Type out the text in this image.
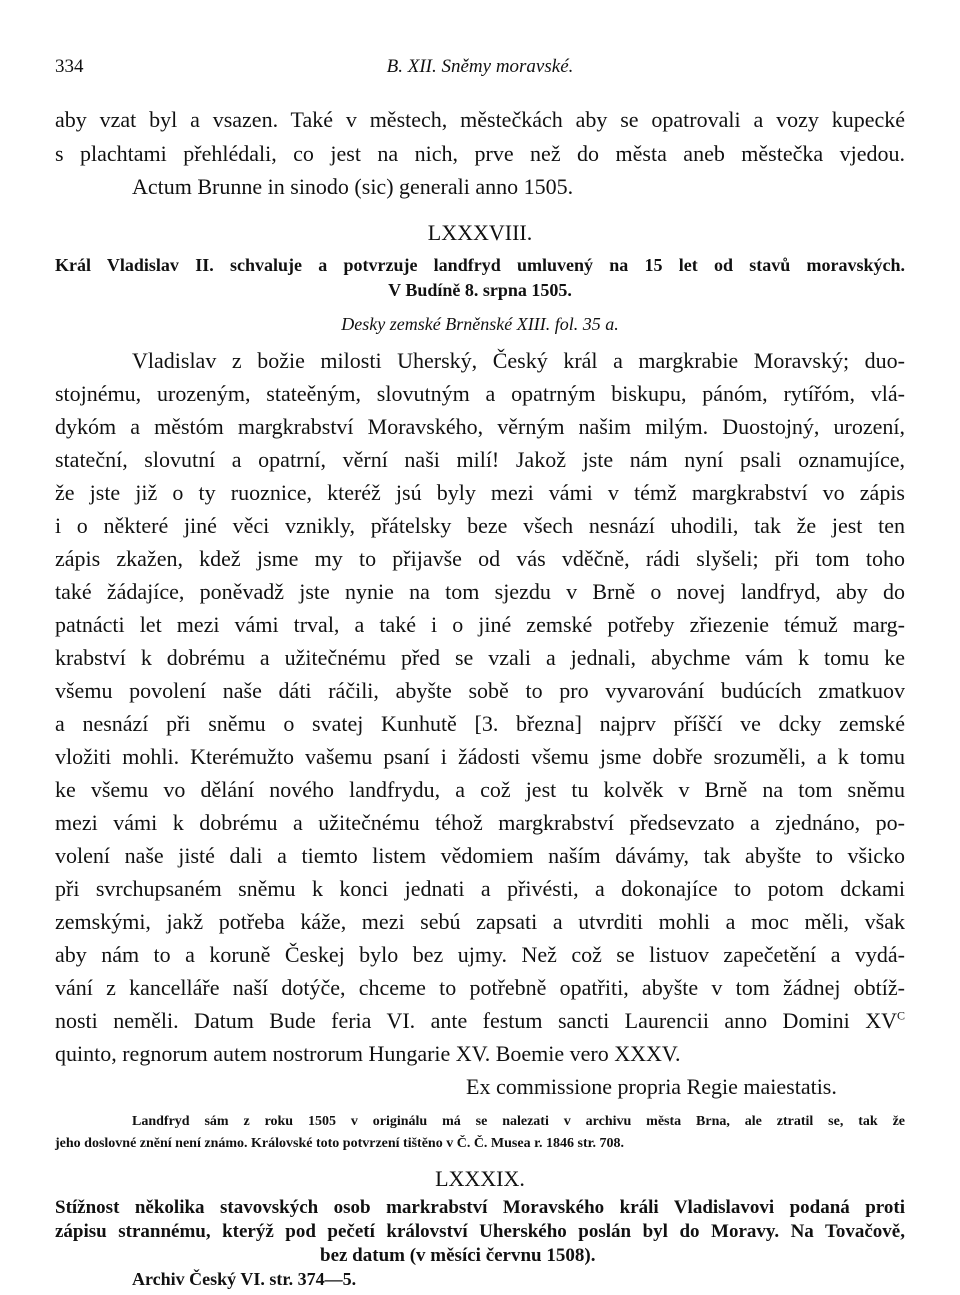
334	B. XII. Sněmy moravské.
aby vzat byl a vsazen. Také v městech, městečkách aby se opatrovali a vozy kupecké
s plachtami přehlédali, co jest na nich, prve než do města aneb městečka vjedou.
Actum Brunne in sinodo (sic) generali anno 1505.
LXXXVIII.
Král Vladislav II. schvaluje a potvrzuje landfryd umluvený na 15 let od stavů moravských.
V Budíně 8. srpna 1505.
Desky zemské Brněnské XIII. fol. 35 a.
Vladislav z božie milosti Uherský, Český král a margkrabie Moravský; duo-
stojnému, urozeným, stateěným, slovutným a opatrným biskupu, pánóm, rytířóm, vlá-
dykóm a městóm margkrabství Moravského, věrným našim milým. Duostojný, urození,
stateční, slovutní a opatrní, věrní naši milí! Jakož jste nám nyní psali oznamujíce,
že jste již o ty ruoznice, kteréž jsú byly mezi vámi v témž margkrabství vo zápis
i o některé jiné věci vznikly, přátelsky beze všech nesnází uhodili, tak že jest ten
zápis zkažen, kdež jsme my to přijavše od vás vděčně, rádi slyšeli; při tom toho
také žádajíce, poněvadž jste nynie na tom sjezdu v Brně o novej landfryd, aby do
patnácti let mezi vámi trval, a také i o jiné zemské potřeby zřiezenie témuž marg-
krabství k dobrému a užitečnému před se vzali a jednali, abychme vám k tomu ke
všemu povolení naše dáti ráčili, abyšte sobě to pro vyvarování budúcích zmatkuov
a nesnází při sněmu o svatej Kunhutě [3. března] najprv příščí ve dcky zemské
vložiti mohli. Kterémužto vašemu psaní i žádosti všemu jsme dobře srozuměli, a k tomu
ke všemu vo dělání nového landfrydu, a což jest tu kolvěk v Brně na tom sněmu
mezi vámi k dobrému a užitečnému téhož margkrabství předsevzato a zjednáno, po-
volení naše jisté dali a tiemto listem vědomiem naším dávámy, tak abyšte to všicko
při svrchupsaném sněmu k konci jednati a přivésti, a dokonajíce to potom dckami
zemskými, jakž potřeba káže, mezi sebú zapsati a utvrditi mohli a moc měli, však
aby nám to a koruně Českej bylo bez ujmy. Než což se listuov zapečetění a vydá-
vání z kancelláře naší dotýče, chceme to potřebně opatřiti, abyšte v tom žádnej obtíž-
nosti neměli. Datum Bude feria VI. ante festum sancti Laurencii anno Domini $XV^C$
quinto, regnorum autem nostrorum Hungarie XV. Boemie vero XXXV.
Ex commissione propria Regie maiestatis.
Landfryd sám z roku 1505 v originálu má se nalezati v archivu města Brna, ale ztratil se, tak že
jeho doslovné znění není známo. Královské toto potvrzení tištěno v Č. Č. Musea r. 1846 str. 708.
LXXXIX.
Stížnost několika stavovských osob markrabství Moravského králi Vladislavovi podaná proti
zápisu strannému, kterýž pod pečetí království Uherského poslán byl do Moravy. Na Tovačově,
bez datum (v měsíci červnu 1508).
Archiv Český VI. str. 374—5.
